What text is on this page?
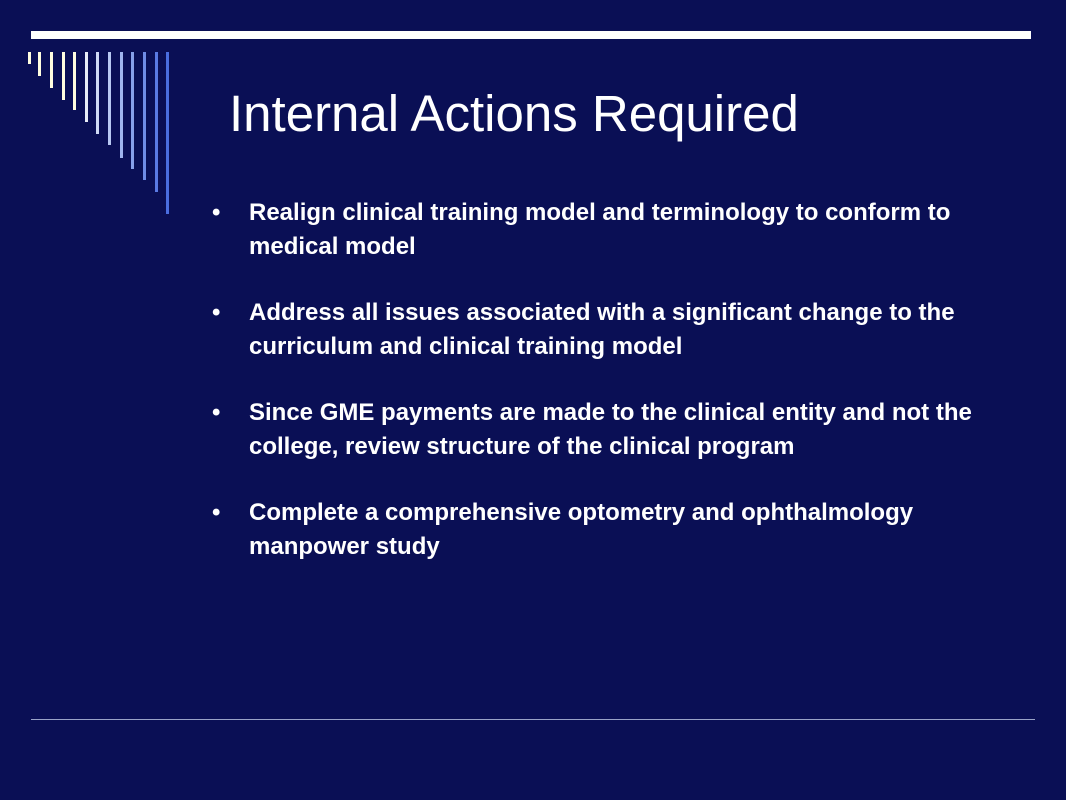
Internal Actions Required
• Realign clinical training model and terminology to conform to medical model
• Address all issues associated with a significant change to the curriculum and clinical training model
• Since GME payments are made to the clinical entity and not the college, review structure of the clinical program
• Complete a comprehensive optometry and ophthalmology manpower study
